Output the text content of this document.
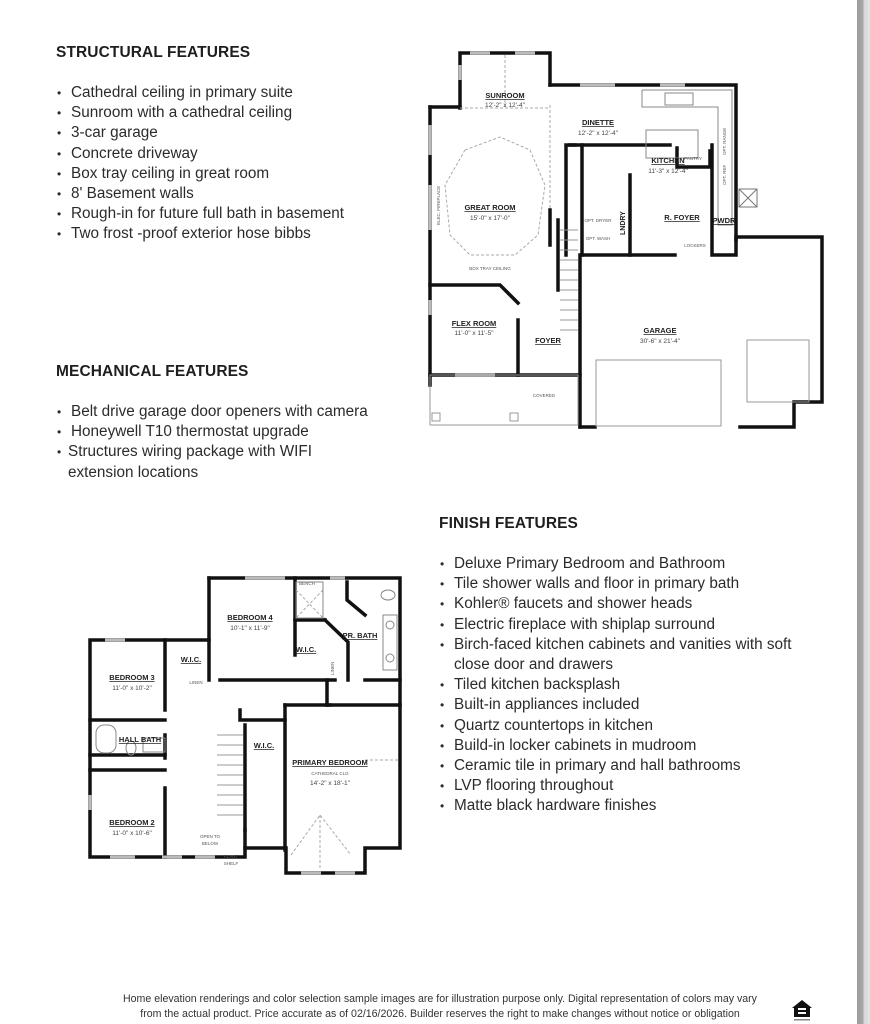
STRUCTURAL FEATURES
• Cathedral ceiling in primary suite
• Sunroom with a cathedral ceiling
• 3-car garage
• Concrete driveway
• Box tray ceiling in great room
• 8' Basement walls
• Rough-in for future full bath in basement
• Two frost -proof exterior hose bibbs
MECHANICAL FEATURES
• Belt drive garage door openers with camera
• Honeywell T10 thermostat upgrade
• Structures wiring package with WIFI extension locations
FINISH FEATURES
• Deluxe Primary Bedroom and Bathroom
• Tile shower walls and floor in primary bath
• Kohler® faucets and shower heads
• Electric fireplace with shiplap surround
• Birch-faced kitchen cabinets and vanities with soft close door and drawers
• Tiled kitchen backsplash
• Built-in appliances included
• Quartz countertops in kitchen
• Build-in locker cabinets in mudroom
• Ceramic tile in primary and hall bathrooms
• LVP flooring throughout
• Matte black hardware finishes
SUNROOM
DINETTE
KITCHEN
GREAT ROOM
FLEX ROOM
GARAGE
FOYER
R. FOYER PWDR
12'-2" x 12'-4"
12'-2" x 12'-4"
11'-3" x 12'-4"
15'-0" x 17'-0"
11'-0" x 11'-5"
30'-6" x 21'-4"
BOX TRAY CEILING
OPT. DRYER
OPT. WASH
PANTRY
LOCKERS
COVERED
ELEC. FIREPLACE	LNDRY
OPT. RANGE
OPT. REF
BEDROOM 4
BEDROOM 3
BEDROOM 2
PRIMARY BEDROOM
HALL BATH
PR. BATH
W.I.C.
W.I.C.
W.I.C.
10'-1" x 11'-9"
11'-0" x 10'-2"
11'-0" x 10'-6"
14'-2" x 18'-1"
CATHEDRAL CLG
LINEN
BENCH
OPEN TO
BELOW
PLANT
SHELF
LINEN
Home elevation renderings and color selection sample images are for illustration purpose only. Digital representation of colors may vary
from the actual product. Price accurate as of 02/16/2026. Builder reserves the right to make changes without notice or obligation
